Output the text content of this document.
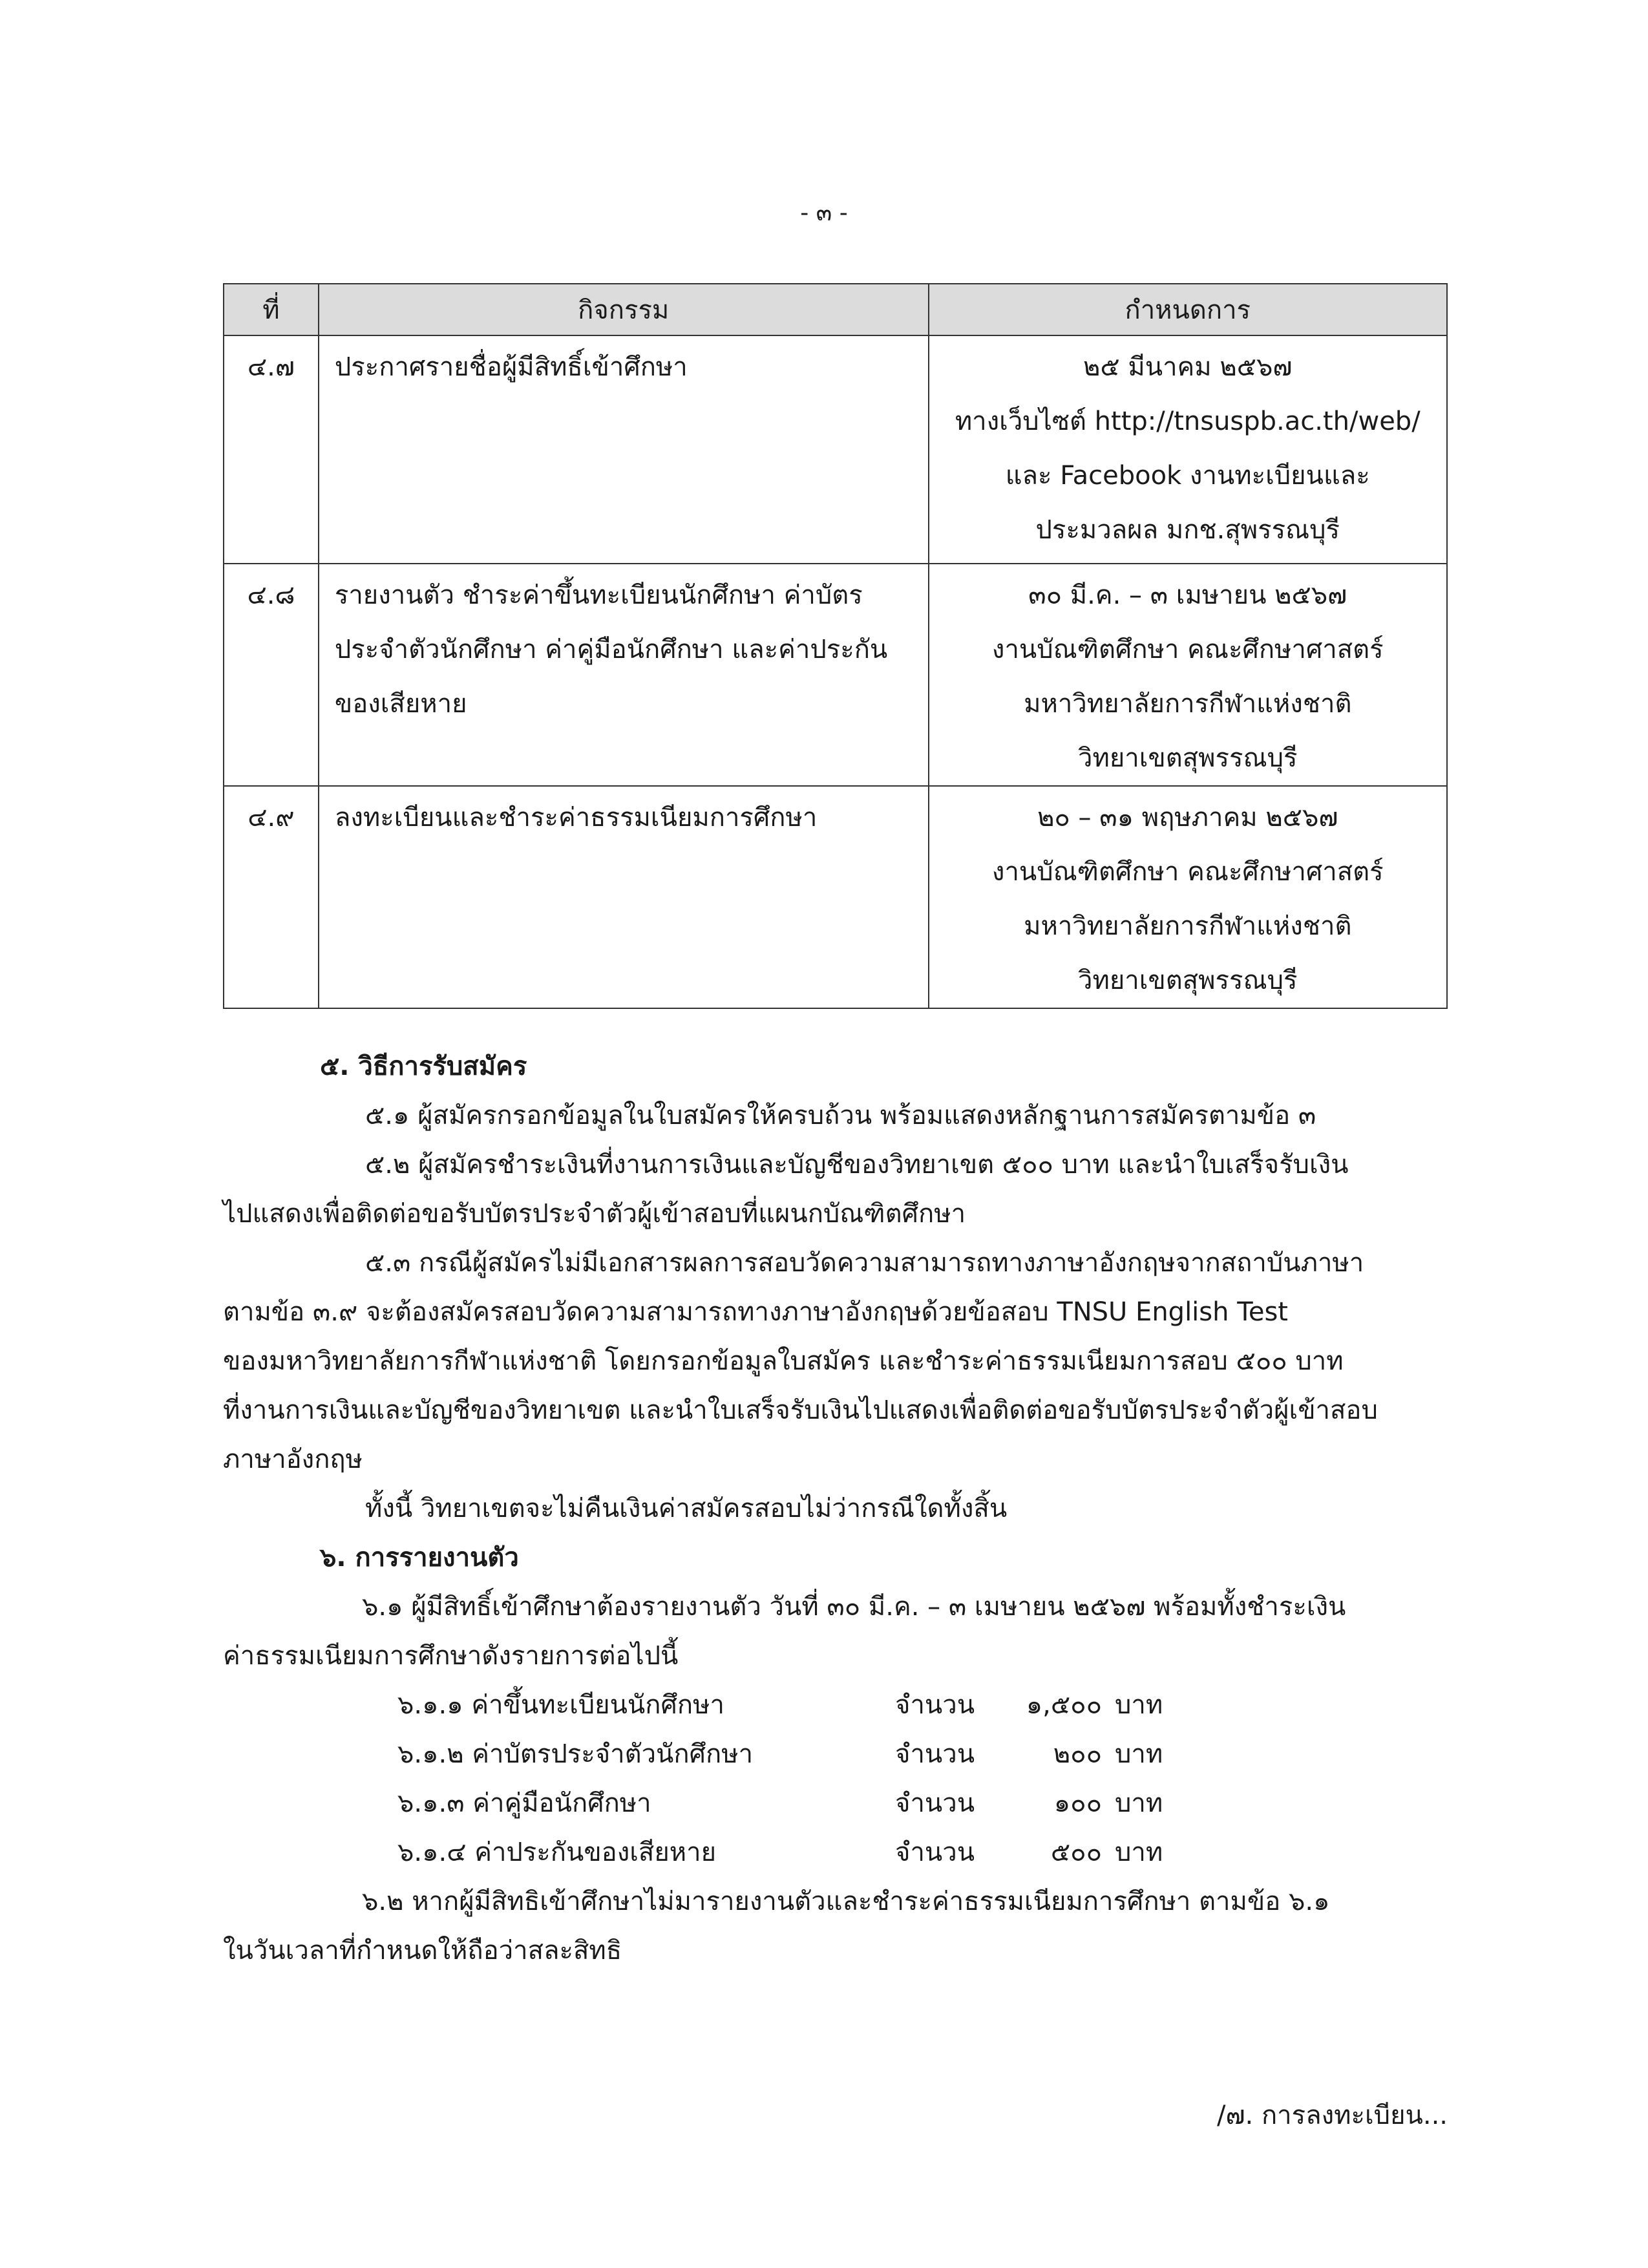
- ๓ -
ที่	กิจกรรม	กำหนดการ
๔.๗	ประกาศรายชื่อผู้มีสิทธิ์เข้าศึกษา	๒๕ มีนาคม ๒๕๖๗
ทางเว็บไซต์ http://tnsuspb.ac.th/web/
และ Facebook งานทะเบียนและ
ประมวลผล มกช.สุพรรณบุรี

๔.๘	รายงานตัว ชำระค่าขึ้นทะเบียนนักศึกษา ค่าบัตร
ประจำตัวนักศึกษา ค่าคู่มือนักศึกษา และค่าประกัน
ของเสียหาย	๓๐ มี.ค. – ๓ เมษายน ๒๕๖๗
งานบัณฑิตศึกษา คณะศึกษาศาสตร์
มหาวิทยาลัยการกีฬาแห่งชาติ
วิทยาเขตสุพรรณบุรี

๔.๙	ลงทะเบียนและชำระค่าธรรมเนียมการศึกษา	๒๐ – ๓๑ พฤษภาคม ๒๕๖๗
งานบัณฑิตศึกษา คณะศึกษาศาสตร์
มหาวิทยาลัยการกีฬาแห่งชาติ
วิทยาเขตสุพรรณบุรี
๕. วิธีการรับสมัคร
๕.๑ ผู้สมัครกรอกข้อมูลในใบสมัครให้ครบถ้วน พร้อมแสดงหลักฐานการสมัครตามข้อ ๓
๕.๒ ผู้สมัครชำระเงินที่งานการเงินและบัญชีของวิทยาเขต ๕๐๐ บาท และนำใบเสร็จรับเงิน
ไปแสดงเพื่อติดต่อขอรับบัตรประจำตัวผู้เข้าสอบที่แผนกบัณฑิตศึกษา
๕.๓ กรณีผู้สมัครไม่มีเอกสารผลการสอบวัดความสามารถทางภาษาอังกฤษจากสถาบันภาษา
ตามข้อ ๓.๙ จะต้องสมัครสอบวัดความสามารถทางภาษาอังกฤษด้วยข้อสอบ TNSU English Test
ของมหาวิทยาลัยการกีฬาแห่งชาติ โดยกรอกข้อมูลใบสมัคร และชำระค่าธรรมเนียมการสอบ ๕๐๐ บาท
ที่งานการเงินและบัญชีของวิทยาเขต และนำใบเสร็จรับเงินไปแสดงเพื่อติดต่อขอรับบัตรประจำตัวผู้เข้าสอบ
ภาษาอังกฤษ
ทั้งนี้ วิทยาเขตจะไม่คืนเงินค่าสมัครสอบไม่ว่ากรณีใดทั้งสิ้น
๖. การรายงานตัว
๖.๑ ผู้มีสิทธิ์เข้าศึกษาต้องรายงานตัว วันที่ ๓๐ มี.ค. – ๓ เมษายน ๒๕๖๗ พร้อมทั้งชำระเงิน
ค่าธรรมเนียมการศึกษาดังรายการต่อไปนี้
๖.๑.๑ ค่าขึ้นทะเบียนนักศึกษา	จำนวน	๑,๕๐๐ บาท
๖.๑.๒ ค่าบัตรประจำตัวนักศึกษา	จำนวน	๒๐๐ บาท
๖.๑.๓ ค่าคู่มือนักศึกษา	จำนวน	๑๐๐ บาท
๖.๑.๔ ค่าประกันของเสียหาย	จำนวน	๕๐๐ บาท
๖.๒ หากผู้มีสิทธิเข้าศึกษาไม่มารายงานตัวและชำระค่าธรรมเนียมการศึกษา ตามข้อ ๖.๑
ในวันเวลาที่กำหนดให้ถือว่าสละสิทธิ
/๗. การลงทะเบียน...
